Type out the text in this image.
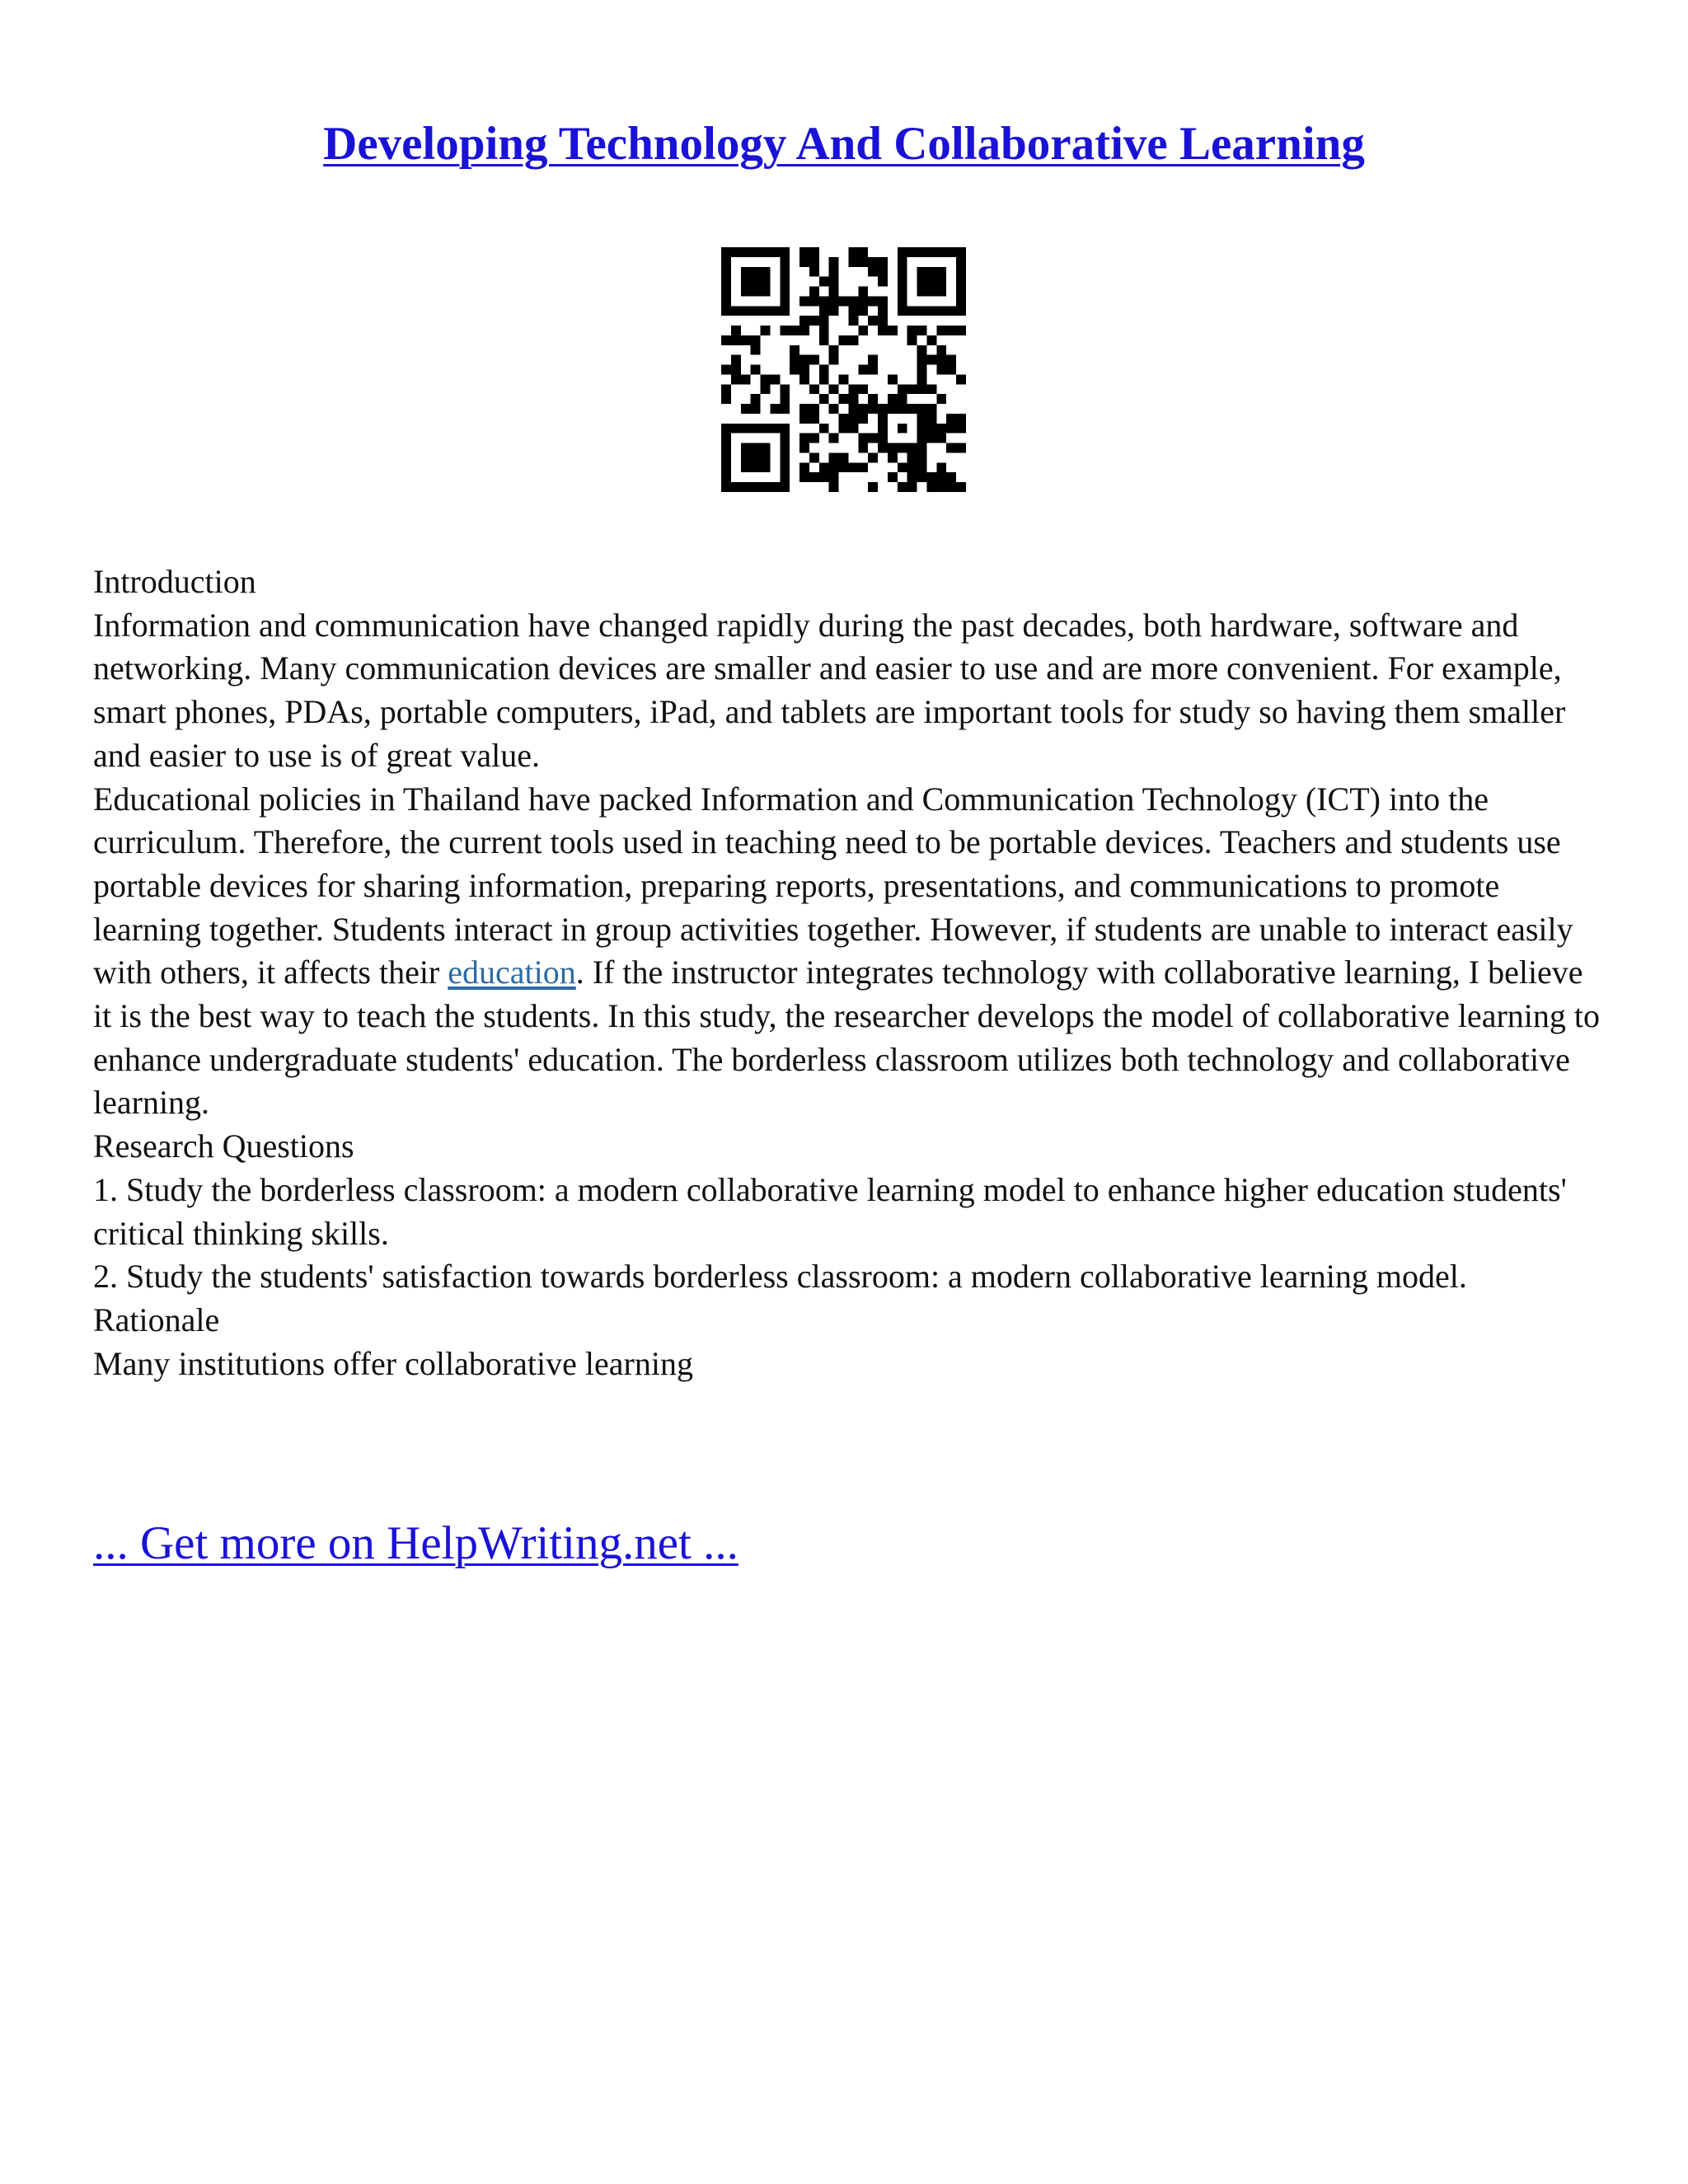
Developing Technology And Collaborative Learning

Introduction

Information and communication have changed rapidly during the past decades, both hardware, software and networking. Many communication devices are smaller and easier to use and are more convenient. For example, smart phones, PDAs, portable computers, iPad, and tablets are important tools for study so having them smaller and easier to use is of great value.

Educational policies in Thailand have packed Information and Communication Technology (ICT) into the curriculum. Therefore, the current tools used in teaching need to be portable devices. Teachers and students use portable devices for sharing information, preparing reports, presentations, and communications to promote learning together. Students interact in group activities together. However, if students are unable to interact easily with others, it affects their education. If the instructor integrates technology with collaborative learning, I believe it is the best way to teach the students. In this study, the researcher develops the model of collaborative learning to enhance undergraduate students' education. The borderless classroom utilizes both technology and collaborative learning.

Research Questions

1. Study the borderless classroom: a modern collaborative learning model to enhance higher education students' critical thinking skills.

2. Study the students' satisfaction towards borderless classroom: a modern collaborative learning model.

Rationale

Many institutions offer collaborative learning

... Get more on HelpWriting.net ...
